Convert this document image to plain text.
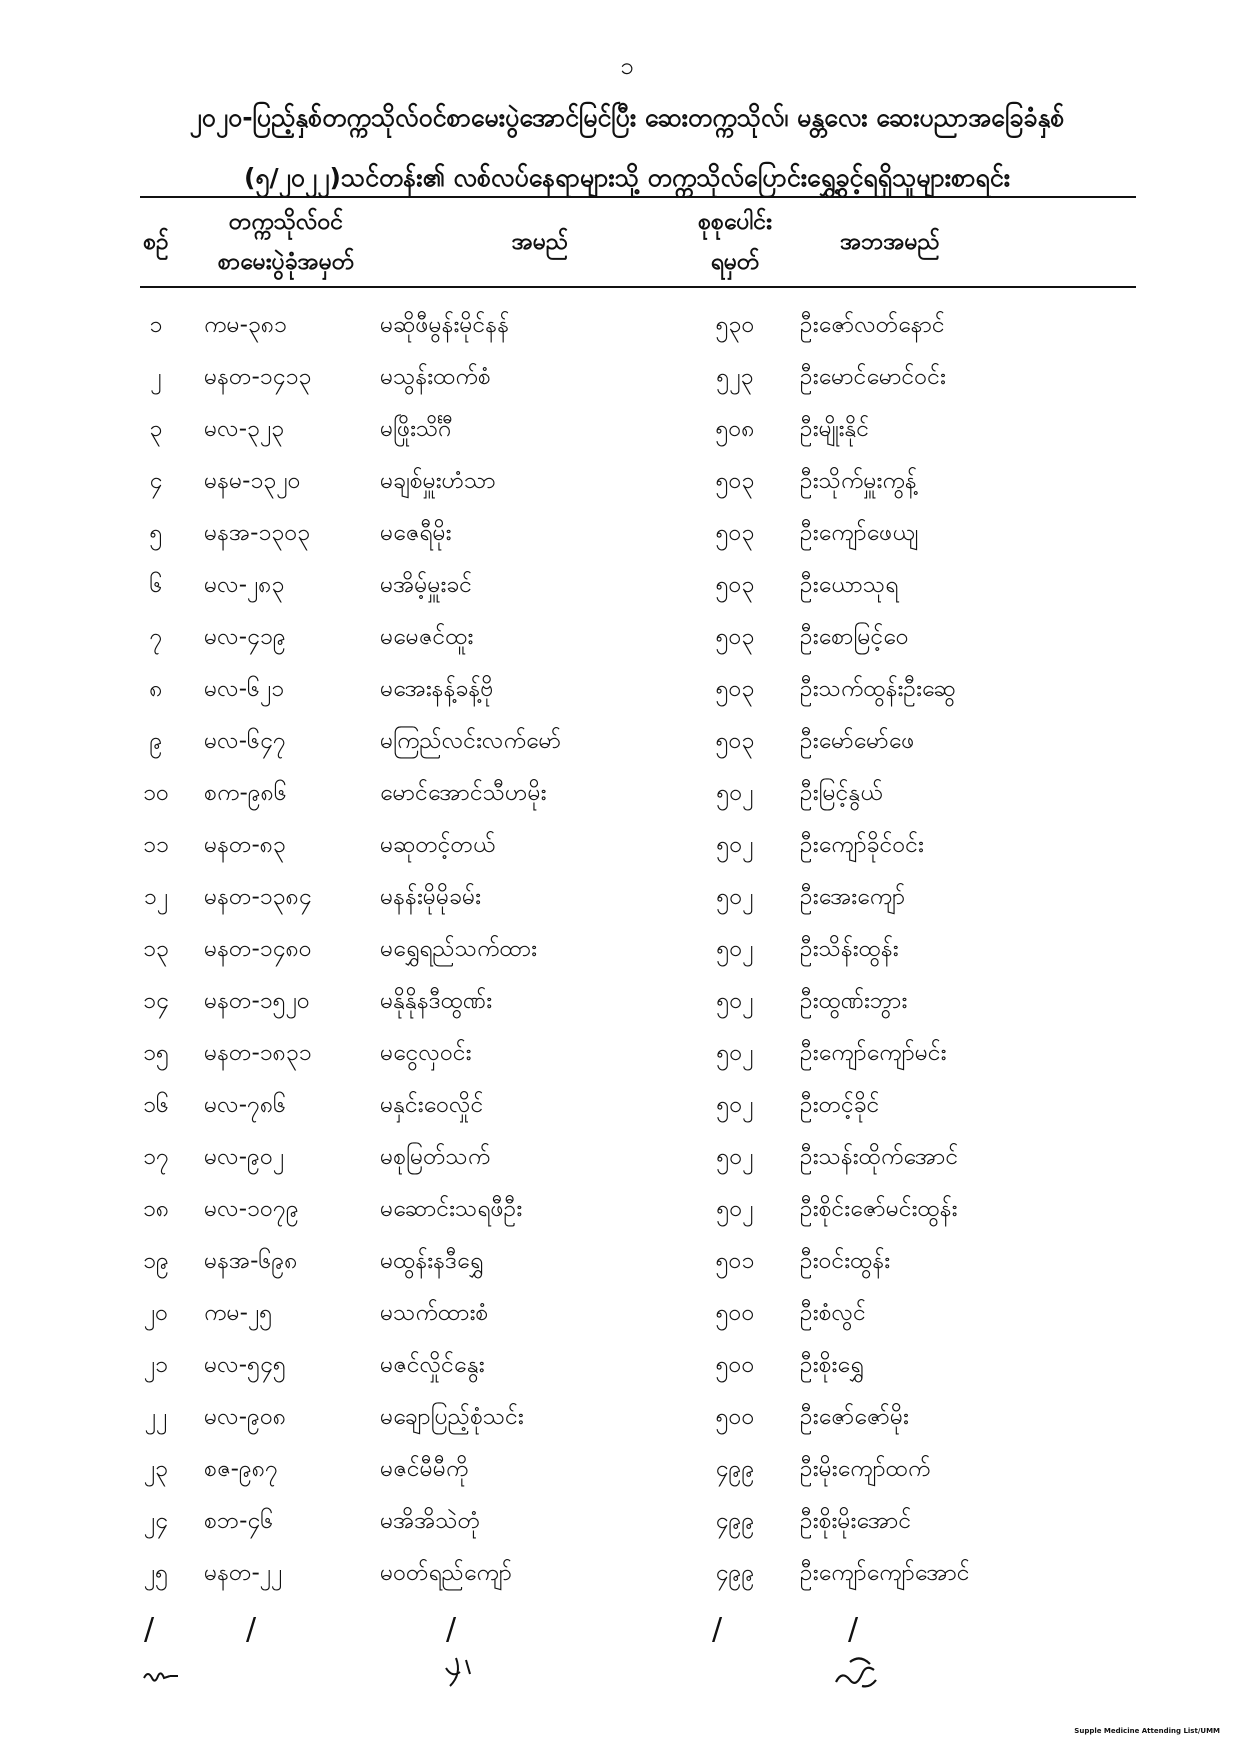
၁
၂၀၂၀-ပြည့်နှစ်တက္ကသိုလ်ဝင်စာမေးပွဲအောင်မြင်ပြီး ဆေးတက္ကသိုလ်၊ မန္တလေး ဆေးပညာအခြေခံနှစ်
(၅/၂၀၂၂)သင်တန်း၏ လစ်လပ်နေရာများသို့ တက္ကသိုလ်ပြောင်းရွှေ့ခွင့်ရရှိသူများစာရင်း
စဉ်
တက္ကသိုလ်ဝင်
စာမေးပွဲခုံအမှတ်
အမည်
စုစုပေါင်း
ရမှတ်
အဘအမည်
၁	ကမ-၃၈၁	မဆိုဖီမွန်းမိုင်နန်	၅၃၀	ဦးဇော်လတ်နောင်
၂	မနတ-၁၄၁၃	မသွန်းထက်စံ	၅၂၃	ဦးမောင်မောင်ဝင်း
၃	မလ-၃၂၃	မဖြိုးသိင်္ဂီ	၅၀၈	ဦးမျိုးနိုင်
၄	မနမ-၁၃၂၀	မချစ်မှူးဟံသာ	၅၀၃	ဦးသိုက်မှူးကွန့်
၅	မနအ-၁၃၀၃	မဇေရီမိုး	၅၀၃	ဦးကျော်ဖေယျ
၆	မလ-၂၈၃	မအိမ့်မှူးခင်	၅၀၃	ဦးယောသုရ
၇	မလ-၄၁၉	မမေဇင်ထူး	၅၀၃	ဦးစောမြင့်ဝေ
၈	မလ-၆၂၁	မအေးနန့်ခန့်ဗို	၅၀၃	ဦးသက်ထွန်းဦးဆွေ
၉	မလ-၆၄၇	မကြည်လင်းလက်မော်	၅၀၃	ဦးမော်မော်ဖေ
၁၀	စက-၉၈၆	မောင်အောင်သီဟမိုး	၅၀၂	ဦးမြင့်နွယ်
၁၁	မနတ-၈၃	မဆုတင့်တယ်	၅၀၂	ဦးကျော်ခိုင်ဝင်း
၁၂	မနတ-၁၃၈၄	မနန်းမိုမိုခမ်း	၅၀၂	ဦးအေးကျော်
၁၃	မနတ-၁၄၈၀	မရွှေရည်သက်ထား	၅၀၂	ဦးသိန်းထွန်း
၁၄	မနတ-၁၅၂၀	မနိုနိုနဒီထွဏ်း	၅၀၂	ဦးထွဏ်းဘွား
၁၅	မနတ-၁၈၃၁	မငွေလှဝင်း	၅၀၂	ဦးကျော်ကျော်မင်း
၁၆	မလ-၇၈၆	မနှင်းဝေလှိုင်	၅၀၂	ဦးတင့်ခိုင်
၁၇	မလ-၉၀၂	မစုမြတ်သက်	၅၀၂	ဦးသန်းထိုက်အောင်
၁၈	မလ-၁၀၇၉	မဆောင်းသရဖီဦး	၅၀၂	ဦးစိုင်းဇော်မင်းထွန်း
၁၉	မနအ-၆၉၈	မထွန်းနဒီရွှေ	၅၀၁	ဦးဝင်းထွန်း
၂၀	ကမ-၂၅	မသက်ထားစံ	၅၀၀	ဦးစံလွင်
၂၁	မလ-၅၄၅	မဇင်လှိုင်နွေး	၅၀၀	ဦးစိုးရွှေ
၂၂	မလ-၉၀၈	မချောပြည့်စုံသင်း	၅၀၀	ဦးဇော်ဇော်မိုး
၂၃	စဇ-၉၈၇	မဇင်မီမီကို	၄၉၉	ဦးမိုးကျော်ထက်
၂၄	စဘ-၄၆	မအိအိသဲတုံ	၄၉၉	ဦးစိုးမိုးအောင်
၂၅	မနတ-၂၂	မဝတ်ရည်ကျော်	၄၉၉	ဦးကျော်ကျော်အောင်
/	/	/	/	/
Supple Medicine Attending List/UMM
